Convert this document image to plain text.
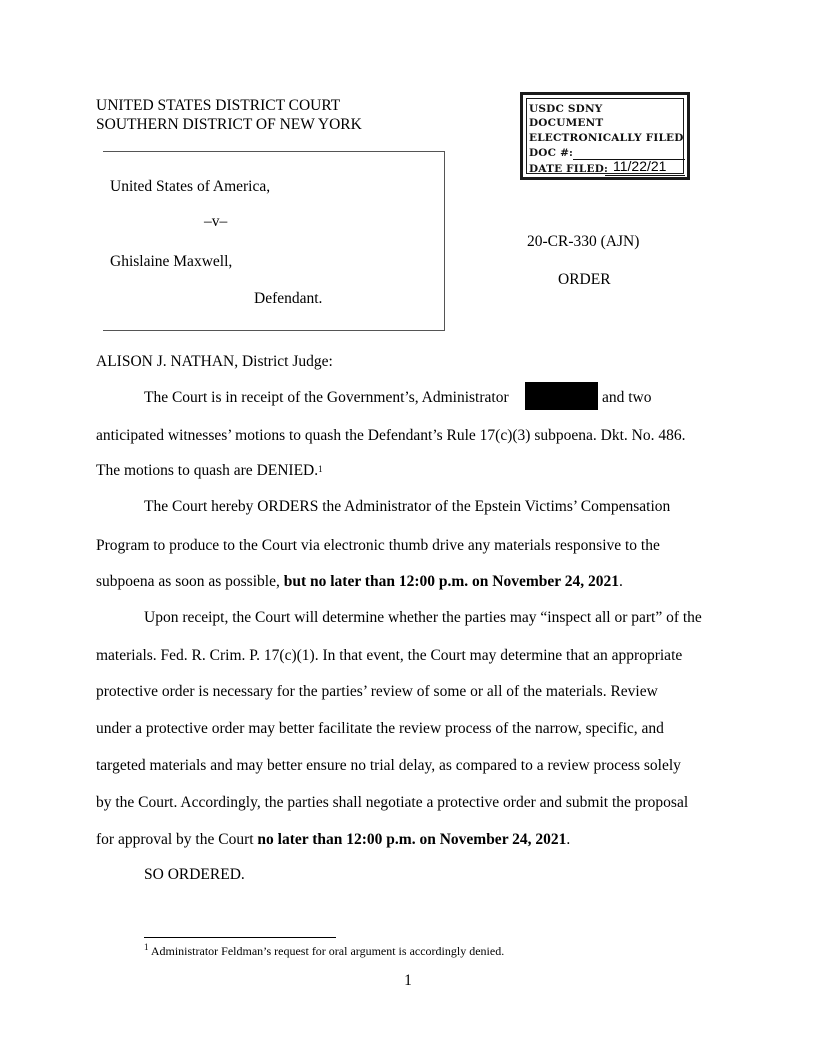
UNITED STATES DISTRICT COURT
SOUTHERN DISTRICT OF NEW YORK
USDC SDNY
DOCUMENT
ELECTRONICALLY FILED
DOC #:
DATE FILED: 11/22/21
United States of America,
–v–
Ghislaine Maxwell,
Defendant.
20-CR-330 (AJN)
ORDER
ALISON J. NATHAN, District Judge:
The Court is in receipt of the Government’s, Administrator	and two
anticipated witnesses’ motions to quash the Defendant’s Rule 17(c)(3) subpoena. Dkt. No. 486.
The motions to quash are DENIED.$^1$
The Court hereby ORDERS the Administrator of the Epstein Victims’ Compensation
Program to produce to the Court via electronic thumb drive any materials responsive to the
subpoena as soon as possible, but no later than 12:00 p.m. on November 24, 2021.
Upon receipt, the Court will determine whether the parties may “inspect all or part” of the
materials. Fed. R. Crim. P. 17(c)(1). In that event, the Court may determine that an appropriate
protective order is necessary for the parties’ review of some or all of the materials. Review
under a protective order may better facilitate the review process of the narrow, specific, and
targeted materials and may better ensure no trial delay, as compared to a review process solely
by the Court. Accordingly, the parties shall negotiate a protective order and submit the proposal
for approval by the Court no later than 12:00 p.m. on November 24, 2021.
SO ORDERED.
$^1$ Administrator Feldman’s request for oral argument is accordingly denied.
1
